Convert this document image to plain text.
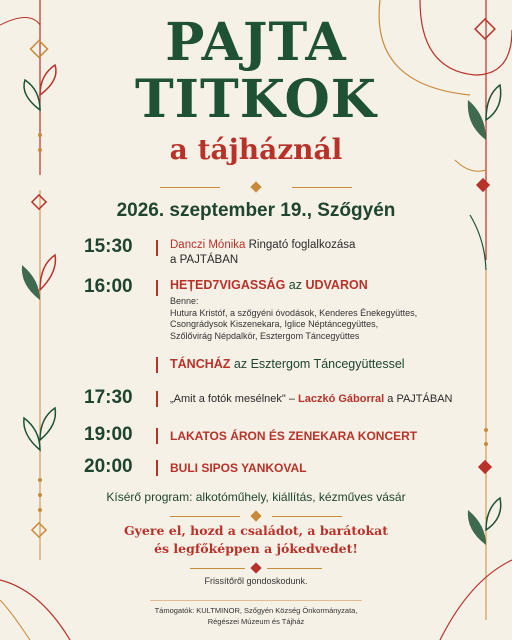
PAJTA
TITKOK
a tájháznál
2026. szeptember 19., Szőgyén
15:30	Danczi Mónika Ringató foglalkozása
a PAJTÁBAN
16:00	HEȚED7VIGASSÁG az UDVARON
Benne:
Hutura Kristóf, a szőgyéni óvodások, Kenderes Énekegyüttes,
Csongrádysok Kiszenekara, Iglice Néptáncegyüttes,
Szőlővirág Népdalkör, Esztergom Táncegyüttes
TÁNCHÁZ az Esztergom Táncegyüttessel
17:30	„Amit a fotók mesélnek" – Laczkó Gáborral a PAJTÁBAN
19:00	LAKATOS ÁRON ÉS ZENEKARA KONCERT
20:00	BULI SIPOS YANKOVAL
Kísérő program: alkotóműhely, kiállítás, kézműves vásár
Gyere el, hozd a családot, a barátokat
és legfőképpen a jókedvedet!
Frissítőről gondoskodunk.
Támogatók: KULTMINOR, Szőgyén Község Önkormányzata,
Régészei Múzeum és Tájház
